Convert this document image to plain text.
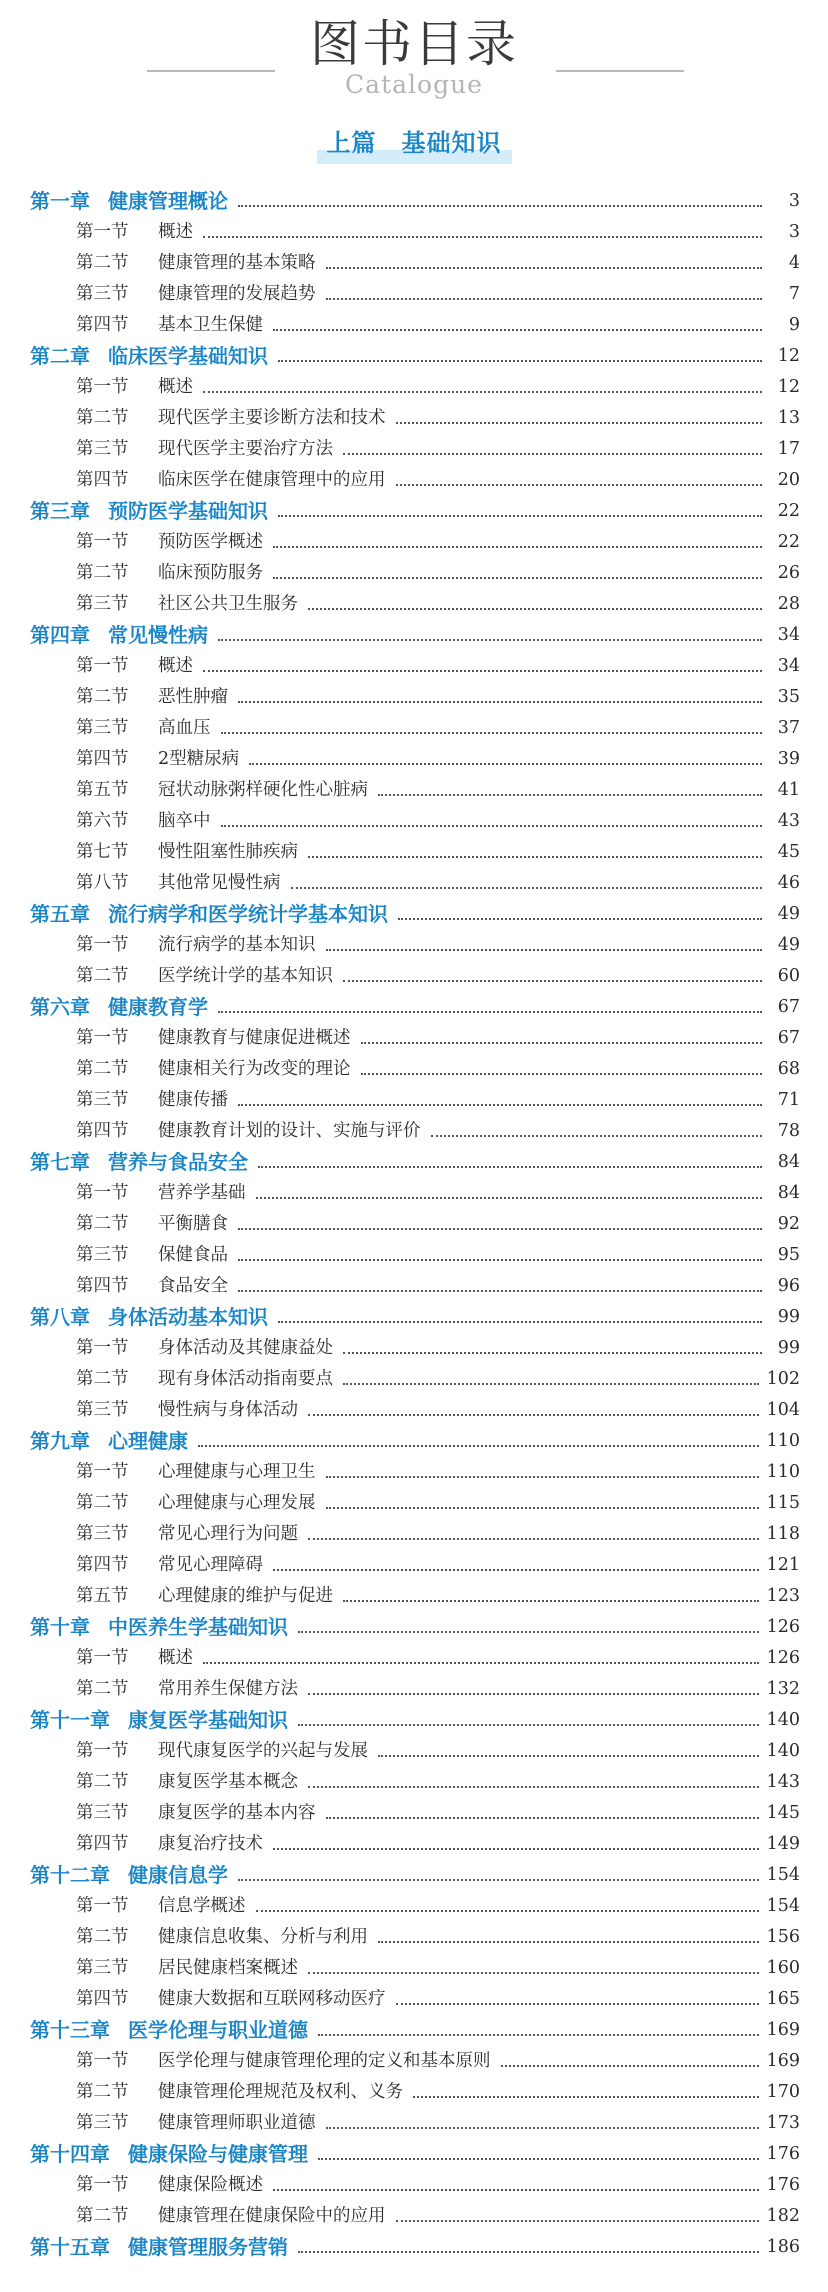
图书目录
Catalogue
上篇　基础知识
第一章 健康管理概论	3
第一节 概述	3
第二节 健康管理的基本策略	4
第三节 健康管理的发展趋势	7
第四节 基本卫生保健	9
第二章 临床医学基础知识	12
第一节 概述	12
第二节 现代医学主要诊断方法和技术	13
第三节 现代医学主要治疗方法	17
第四节 临床医学在健康管理中的应用	20
第三章 预防医学基础知识	22
第一节 预防医学概述	22
第二节 临床预防服务	26
第三节 社区公共卫生服务	28
第四章 常见慢性病	34
第一节 概述	34
第二节 恶性肿瘤	35
第三节 高血压	37
第四节 2型糖尿病	39
第五节 冠状动脉粥样硬化性心脏病	41
第六节 脑卒中	43
第七节 慢性阻塞性肺疾病	45
第八节 其他常见慢性病	46
第五章 流行病学和医学统计学基本知识	49
第一节 流行病学的基本知识	49
第二节 医学统计学的基本知识	60
第六章 健康教育学	67
第一节 健康教育与健康促进概述	67
第二节 健康相关行为改变的理论	68
第三节 健康传播	71
第四节 健康教育计划的设计、实施与评价	78
第七章 营养与食品安全	84
第一节 营养学基础	84
第二节 平衡膳食	92
第三节 保健食品	95
第四节 食品安全	96
第八章 身体活动基本知识	99
第一节 身体活动及其健康益处	99
第二节 现有身体活动指南要点	102
第三节 慢性病与身体活动	104
第九章 心理健康	110
第一节 心理健康与心理卫生	110
第二节 心理健康与心理发展	115
第三节 常见心理行为问题	118
第四节 常见心理障碍	121
第五节 心理健康的维护与促进	123
第十章 中医养生学基础知识	126
第一节 概述	126
第二节 常用养生保健方法	132
第十一章 康复医学基础知识	140
第一节 现代康复医学的兴起与发展	140
第二节 康复医学基本概念	143
第三节 康复医学的基本内容	145
第四节 康复治疗技术	149
第十二章 健康信息学	154
第一节 信息学概述	154
第二节 健康信息收集、分析与利用	156
第三节 居民健康档案概述	160
第四节 健康大数据和互联网移动医疗	165
第十三章 医学伦理与职业道德	169
第一节 医学伦理与健康管理伦理的定义和基本原则	169
第二节 健康管理伦理规范及权利、义务	170
第三节 健康管理师职业道德	173
第十四章 健康保险与健康管理	176
第一节 健康保险概述	176
第二节 健康管理在健康保险中的应用	182
第十五章 健康管理服务营销	186
